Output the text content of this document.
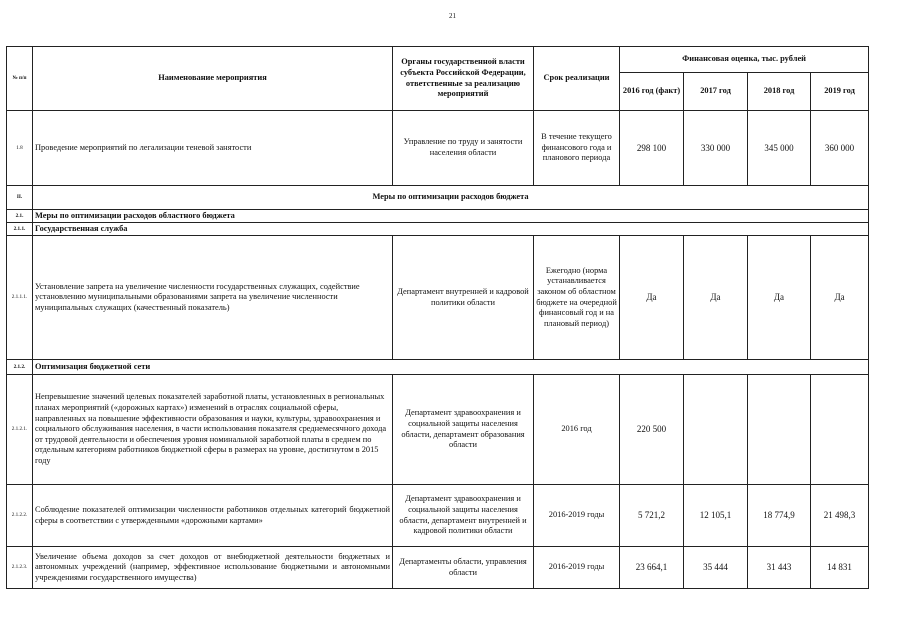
21
№ п/п	Наименование мероприятия	Органы государственной власти субъекта Российской Федерации, ответственные за реализацию мероприятий	Срок реализации	Финансовая оценка, тыс. рублей			
				2016 год (факт)	2017 год	2018 год	2019 год
1.8	Проведение мероприятий по легализации теневой занятости	Управление по труду и занятости населения области	В течение текущего финансового года и планового периода	298 100	330 000	345 000	360 000
II.	Меры по оптимизации расходов бюджета						
2.1.	Меры по оптимизации расходов областного бюджета						
2.1.1.	Государственная служба						
2.1.1.1.	Установление запрета на увеличение численности государственных служащих, содействие установлению муниципальными образованиями запрета на увеличение численности муниципальных служащих (качественный показатель)	Департамент внутренней и кадровой политики области	Ежегодно (норма устанавливается законом об областном бюджете на очередной финансовый год и на плановый период)	Да	Да	Да	Да
2.1.2.	Оптимизация бюджетной сети						
2.1.2.1.	Непревышение значений целевых показателей заработной платы, установленных в региональных планах мероприятий («дорожных картах») изменений в отраслях социальной сферы, направленных на повышение эффективности образования и науки, культуры, здравоохранения и социального обслуживания населения, в части использования показателя среднемесячного дохода от трудовой деятельности и обеспечения уровня номинальной заработной платы в среднем по отдельным категориям работников бюджетной сферы в размерах на уровне, достигнутом в 2015 году	Департамент здравоохранения и социальной защиты населения области, департамент образования области	2016 год	220 500			
2.1.2.2.	Соблюдение показателей оптимизации численности работников отдельных категорий бюджетной сферы в соответствии с утвержденными «дорожными картами»	Департамент здравоохранения и социальной защиты населения области, департамент внутренней и кадровой политики области	2016-2019 годы	5 721,2	12 105,1	18 774,9	21 498,3
2.1.2.3.	Увеличение объема доходов за счет доходов от внебюджетной деятельности бюджетных и автономных учреждений (например, эффективное использование бюджетными и автономными учреждениями государственного имущества)	Департаменты области, управления области	2016-2019 годы	23 664,1	35 444	31 443	14 831
